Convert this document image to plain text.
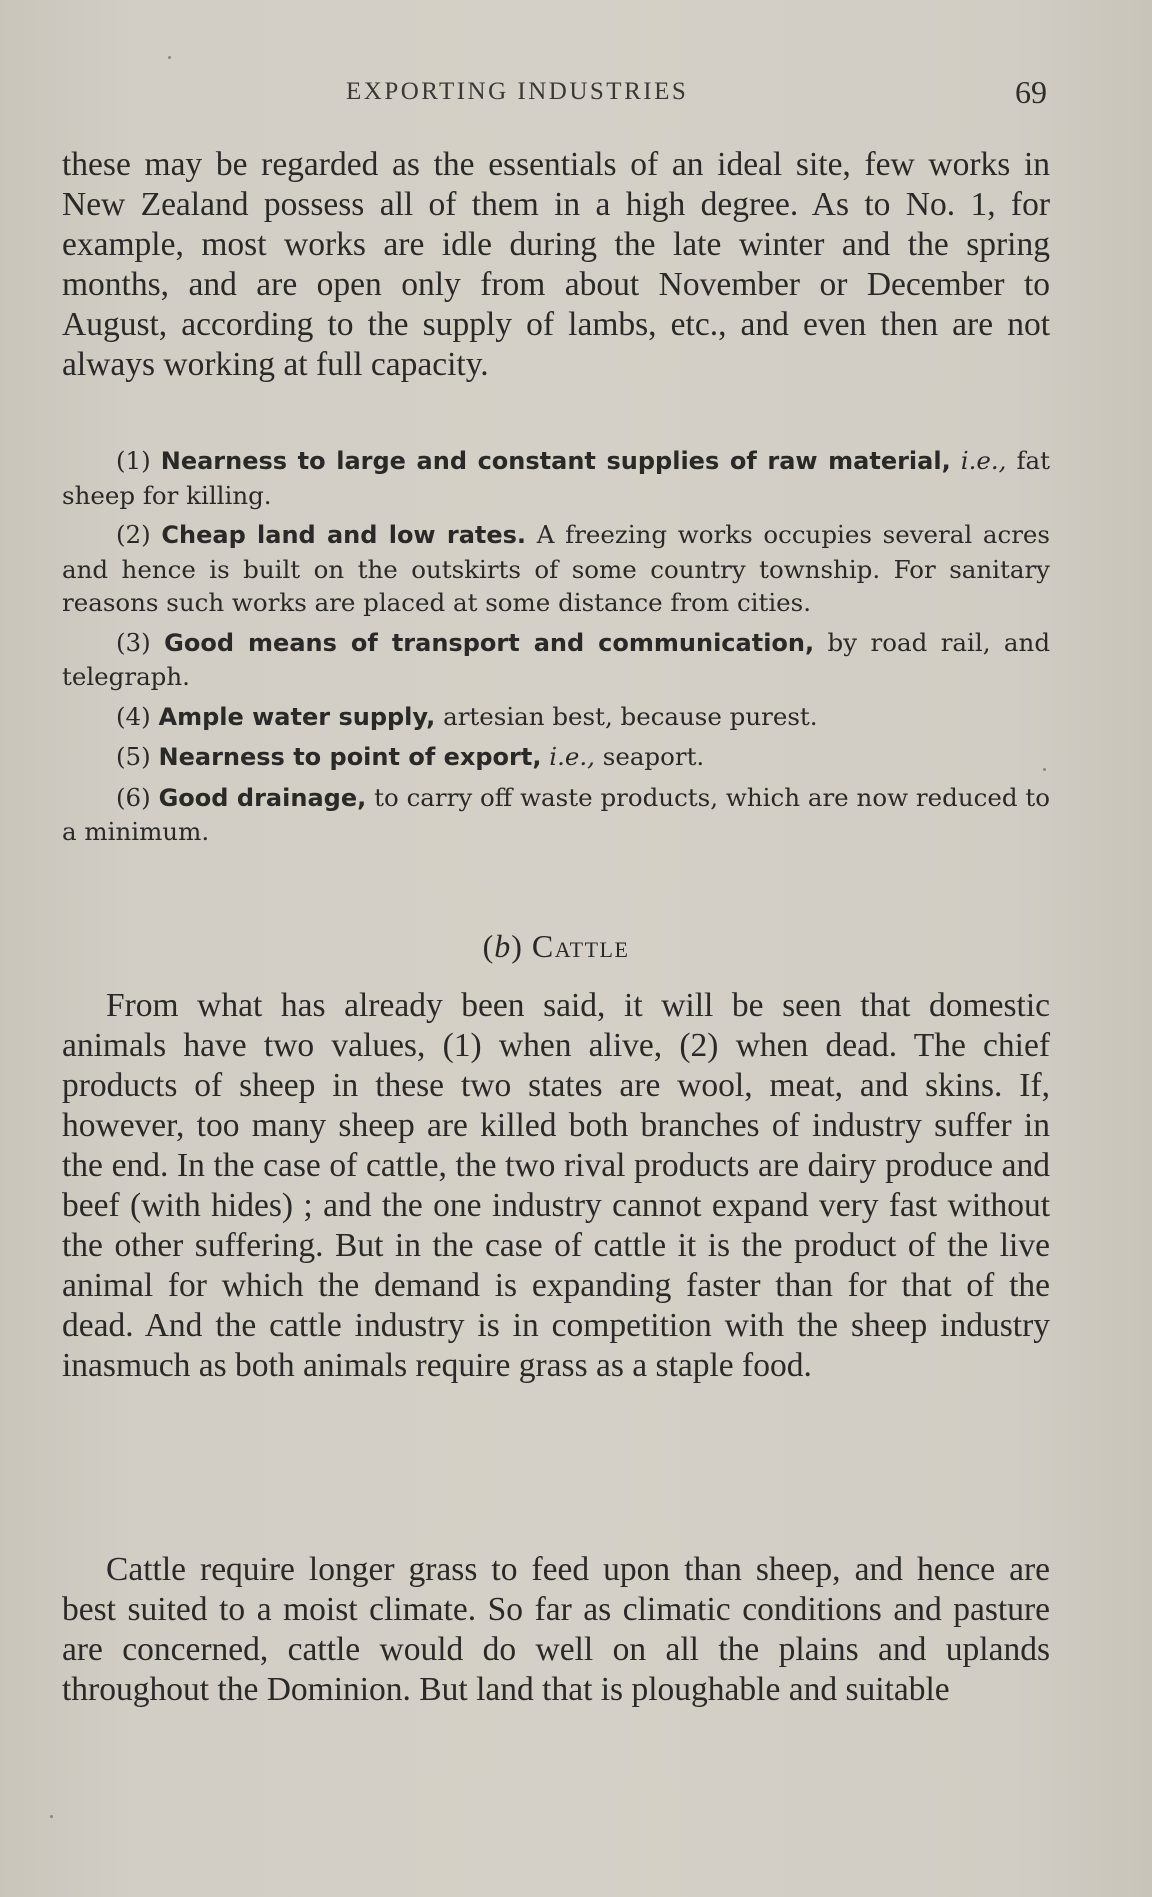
EXPORTING INDUSTRIES	69

these may be regarded as the essentials of an ideal site, few works in New Zealand possess all of them in a high degree. As to No. 1, for example, most works are idle during the late winter and the spring months, and are open only from about November or December to August, according to the supply of lambs, etc., and even then are not always working at full capacity.

(1) Nearness to large and constant supplies of raw material, i.e., fat sheep for killing.

(2) Cheap land and low rates. A freezing works occupies several acres and hence is built on the outskirts of some country township. For sanitary reasons such works are placed at some distance from cities.

(3) Good means of transport and communication, by road rail, and telegraph.

(4) Ample water supply, artesian best, because purest.

(5) Nearness to point of export, i.e., seaport.

(6) Good drainage, to carry off waste products, which are now reduced to a minimum.

(b) Cattle

From what has already been said, it will be seen that domestic animals have two values, (1) when alive, (2) when dead. The chief products of sheep in these two states are wool, meat, and skins. If, however, too many sheep are killed both branches of industry suffer in the end. In the case of cattle, the two rival products are dairy produce and beef (with hides) ; and the one industry cannot expand very fast without the other suffering. But in the case of cattle it is the product of the live animal for which the demand is expanding faster than for that of the dead. And the cattle industry is in competition with the sheep industry inasmuch as both animals require grass as a staple food.

Cattle require longer grass to feed upon than sheep, and hence are best suited to a moist climate. So far as climatic conditions and pasture are concerned, cattle would do well on all the plains and uplands throughout the Dominion. But land that is ploughable and suitable
